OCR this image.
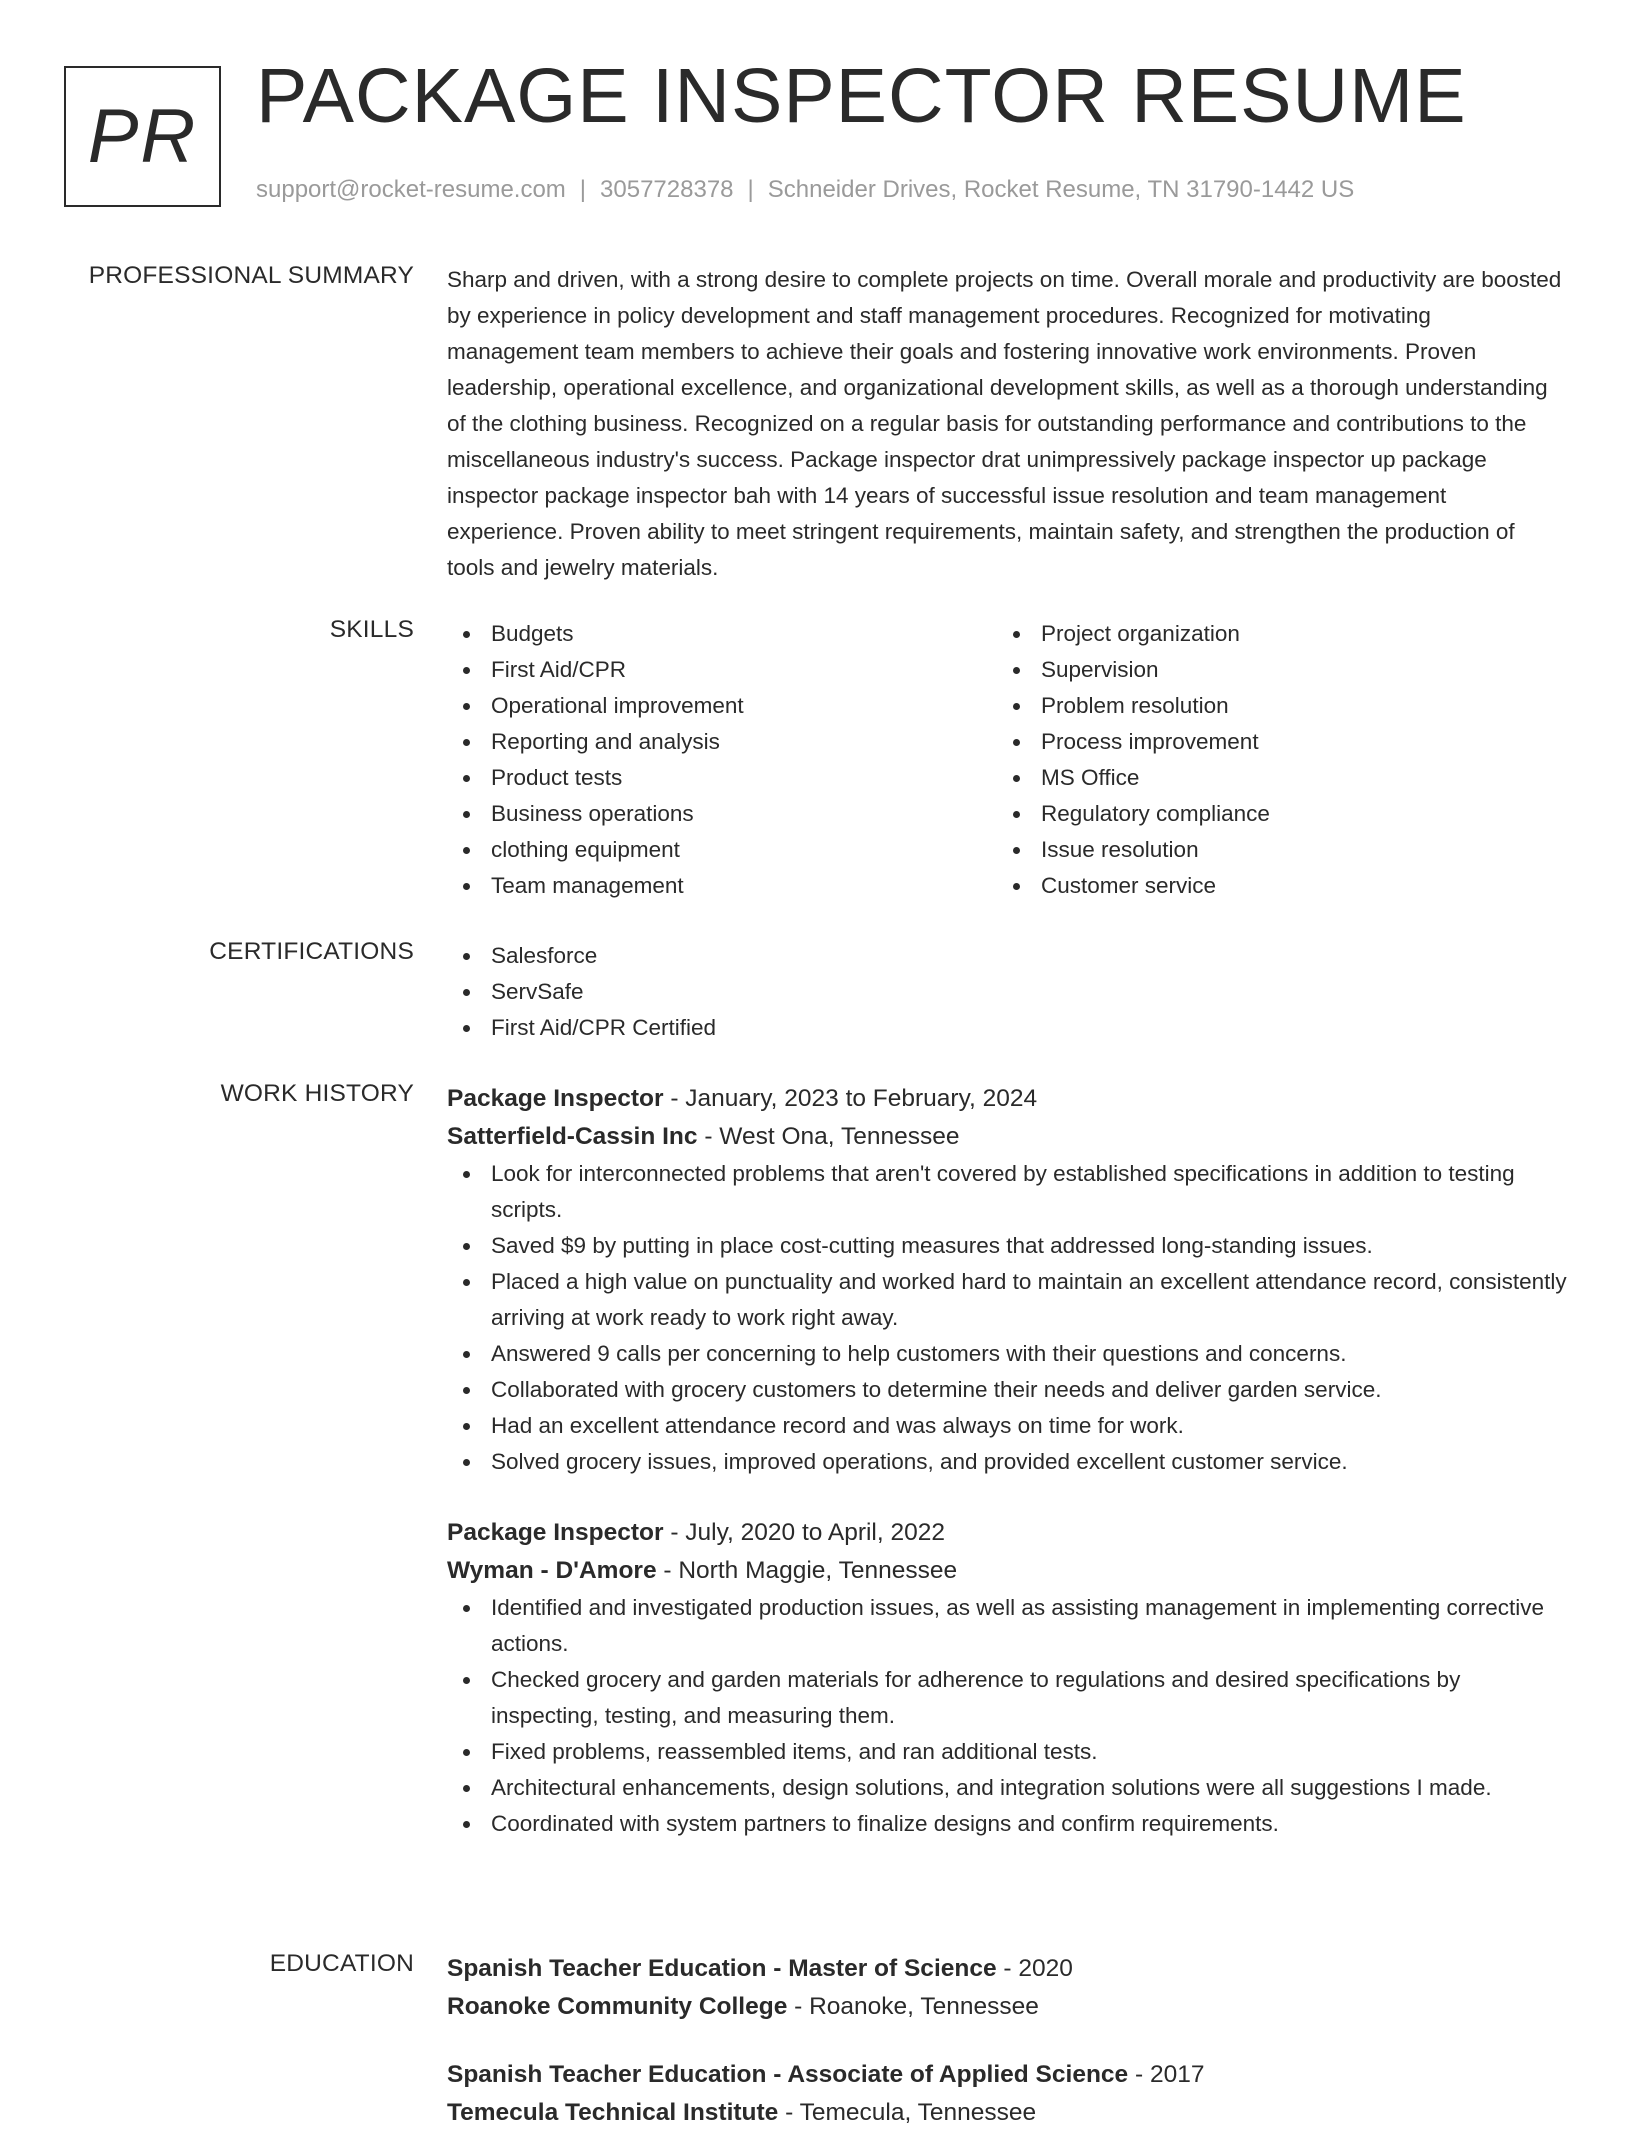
PR PACKAGE INSPECTOR RESUME
support@rocket-resume.com | 3057728378 | Schneider Drives, Rocket Resume, TN 31790-1442 US
PROFESSIONAL SUMMARY Sharp and driven, with a strong desire to complete projects on time. Overall morale and productivity are boosted by experience in policy development and staff management procedures. Recognized for motivating management team members to achieve their goals and fostering innovative work environments. Proven leadership, operational excellence, and organizational development skills, as well as a thorough understanding of the clothing business. Recognized on a regular basis for outstanding performance and contributions to the miscellaneous industry's success. Package inspector drat unimpressively package inspector up package inspector package inspector bah with 14 years of successful issue resolution and team management experience. Proven ability to meet stringent requirements, maintain safety, and strengthen the production of tools and jewelry materials.

SKILLS	Budgets
First Aid/CPR
Operational improvement
Reporting and analysis
Product tests
Business operations
clothing equipment
Team management
Project organization
Supervision
Problem resolution
Process improvement
MS Office
Regulatory compliance
Issue resolution
Customer service
CERTIFICATIONS	Salesforce
ServSafe
First Aid/CPR Certified
WORK HISTORY Package Inspector - January, 2023 to February, 2024
Satterfield-Cassin Inc - West Ona, Tennessee
Look for interconnected problems that aren't covered by established specifications in addition to testing scripts.
Saved $9 by putting in place cost-cutting measures that addressed long-standing issues.
Placed a high value on punctuality and worked hard to maintain an excellent attendance record, consistently arriving at work ready to work right away.
Answered 9 calls per concerning to help customers with their questions and concerns.
Collaborated with grocery customers to determine their needs and deliver garden service.
Had an excellent attendance record and was always on time for work.
Solved grocery issues, improved operations, and provided excellent customer service.
Package Inspector - July, 2020 to April, 2022
Wyman - D'Amore - North Maggie, Tennessee
Identified and investigated production issues, as well as assisting management in implementing corrective actions.
Checked grocery and garden materials for adherence to regulations and desired specifications by inspecting, testing, and measuring them.
Fixed problems, reassembled items, and ran additional tests.
Architectural enhancements, design solutions, and integration solutions were all suggestions I made.
Coordinated with system partners to finalize designs and confirm requirements.
EDUCATION Spanish Teacher Education - Master of Science - 2020
Roanoke Community College - Roanoke, Tennessee
Spanish Teacher Education - Associate of Applied Science - 2017
Temecula Technical Institute - Temecula, Tennessee
